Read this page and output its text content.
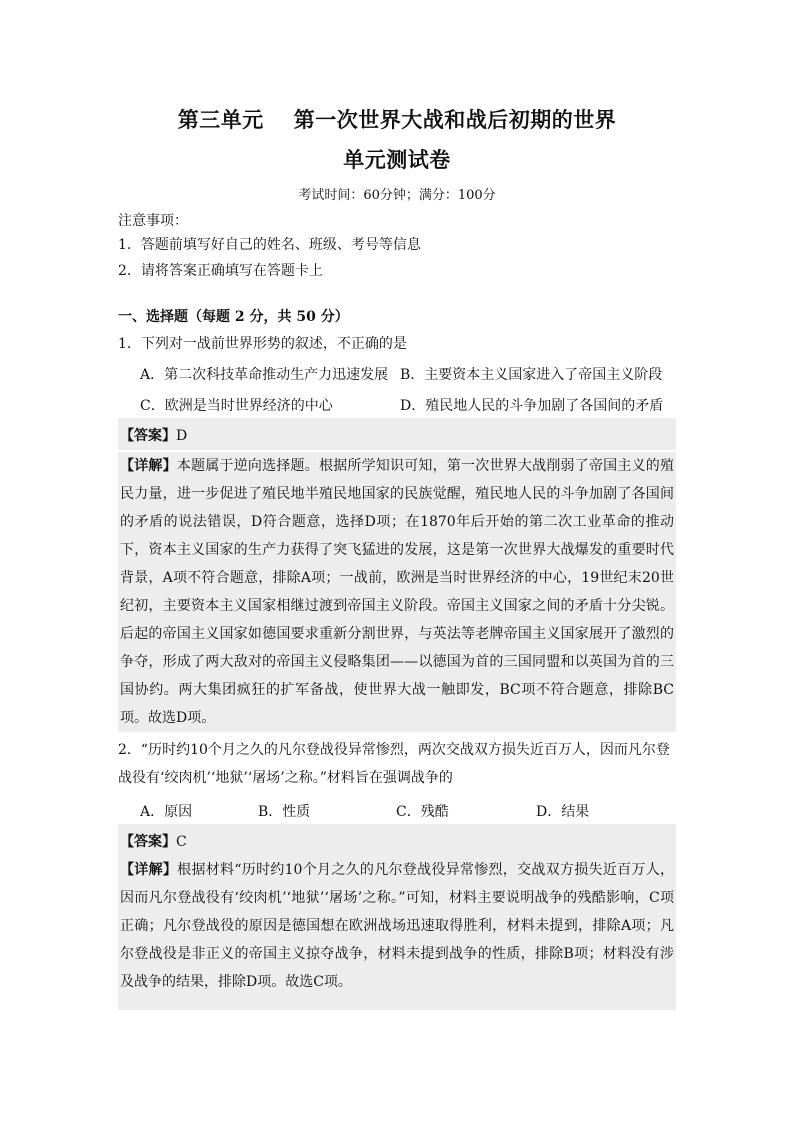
第三单元 第一次世界大战和战后初期的世界
单元测试卷
考试时间：60分钟；满分：100分
注意事项：
1．答题前填写好自己的姓名、班级、考号等信息
2．请将答案正确填写在答题卡上
一、选择题（每题 2 分，共 50 分）
1．下列对一战前世界形势的叙述，不正确的是
A．第二次科技革命推动生产力迅速发展 B．主要资本主义国家进入了帝国主义阶段
C．欧洲是当时世界经济的中心	D．殖民地人民的斗争加剧了各国间的矛盾
【答案】D

【详解】本题属于逆向选择题。根据所学知识可知，第一次世界大战削弱了帝国主义的殖民力量，进一步促进了殖民地半殖民地国家的民族觉醒，殖民地人民的斗争加剧了各国间的矛盾的说法错误，D符合题意，选择D项；在1870年后开始的第二次工业革命的推动下，资本主义国家的生产力获得了突飞猛进的发展，这是第一次世界大战爆发的重要时代背景，A项不符合题意，排除A项；一战前，欧洲是当时世界经济的中心，19世纪末20世纪初，主要资本主义国家相继过渡到帝国主义阶段。帝国主义国家之间的矛盾十分尖锐。后起的帝国主义国家如德国要求重新分割世界，与英法等老牌帝国主义国家展开了激烈的争夺，形成了两大敌对的帝国主义侵略集团——以德国为首的三国同盟和以英国为首的三国协约。两大集团疯狂的扩军备战，使世界大战一触即发，BC项不符合题意，排除BC项。故选D项。

2．“历时约10个月之久的凡尔登战役异常惨烈，两次交战双方损失近百万人，因而凡尔登
战役有‘绞肉机’‘地狱’‘屠场’之称。”材料旨在强调战争的
A．原因	B．性质	C．残酷	D．结果
【答案】C

【详解】根据材料“历时约10个月之久的凡尔登战役异常惨烈，交战双方损失近百万人，因而凡尔登战役有‘绞肉机’‘地狱’‘屠场’之称。”可知，材料主要说明战争的残酷影响，C项正确；凡尔登战役的原因是德国想在欧洲战场迅速取得胜利，材料未提到，排除A项；凡尔登战役是非正义的帝国主义掠夺战争，材料未提到战争的性质，排除B项；材料没有涉及战争的结果，排除D项。故选C项。
